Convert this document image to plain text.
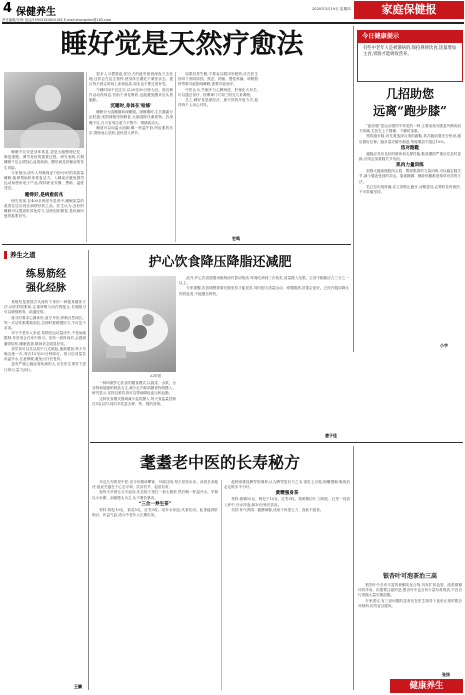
4 保健养生
责任编辑/宏海 电话/15953184810165 E-mail:zhongxian@163.com
2020年3月19日 星期四	家庭保健报
睡好觉是天然疗愈法

睡眠不仅仅是身体休息,更是大脑整理记忆、修复细胞、调节免疫的重要过程。研究表明,长期睡眠不足会增加心血管疾病、糖尿病及抑郁症的发生风险。

专家指出,成年人每晚保证7至8小时的高质量睡眠,能够帮助机体恢复活力。入睡前应避免剧烈运动和使用电子产品,保持卧室安静、黑暗、温度适宜。

睡得好,是病愈前兆

研究发现,在400多例老年患者中,睡眠质量的改善往往出现在病情好转之前。医生认为,良好的睡眠可以提高机体免疫力,加快组织修复,是疾病向愈的重要信号。

很多人习惯熬夜,把白天的疲劳留到深夜才去处理,这样会打乱生物钟,使身体长期处于紧张状态。建议每天固定时间上床和起床,周末也不要过度补觉。

午睡时间不宜过长,以20至30分钟为宜。饭后稍作活动再休息,有助于消化吸收,也能避免醒来后头昏脑胀。

沉睡时,身体在'检修'

睡眠分为浅睡期和深睡期。深睡期时,生长激素分泌旺盛,受损细胞得到修复,大脑清除代谢废物。若深睡不足,白天容易注意力不集中、情绪波动大。

睡前可以用温水泡脚,喝一杯温牛奶,听轻柔的音乐,帮助身心放松,更快进入梦乡。

如果经常失眠,不要盲目服用安眠药,应在医生指导下查明原因。焦虑、抑郁、慢性疼痛、呼吸暂停等都可能影响睡眠,需要对症治疗。

中医认为,失眠多与心脾两虚、肝郁化火有关,可以通过食疗、按摩神门穴和三阴交穴来调理。

总之,睡好觉是最经济、最天然的疗愈方式,值得每个人用心对待。

宏鸣
今日健康提示
有些中老年人是被饿病的,保持规律饮食,适量增加主食,胃肠才能吸收营养。
几招助您
远离“跑步膝”

“跑步膝”是运动损伤中常见的一种,主要表现为膝盖外侧或前方疼痛,尤其在上下楼梯、下蹲时加重。

预防跑步膝,首先要选择合适的跑鞋,其次跑前要充分热身,跑后做好拉伸。跑步量应循序渐进,每周增加不超过10%。

选对跑鞋

跑鞋应具有良好的缓冲和支撑性能,鞋底磨损严重后应及时更换,否则会加重膝关节负担。

肌肉力量训练

加强大腿前侧股四头肌、臀部肌群的力量训练,可以稳定膝关节,减少膝盖受到的冲击。靠墙静蹲、侧卧抬腿都是简单有效的方法。

若已经出现疼痛,应立即停止跑步,冰敷患处,必要时及时就医,不可带痛坚持。

小宇
养生之道
练易筋经
强化经脉

易筋经是我国古代流传下来的一种强身健体方法,动作舒展柔和,注重呼吸与动作的配合,长期练习可以增强筋骨、疏通经络。

练习时要求心静体松,意守丹田,呼吸自然深长。每一式动作都要做到位,拉伸时要缓慢用力,不可急于求成。

对于中老年人来说,易筋经运动量适中,不受场地限制,非常适合在家中练习。坚持一段时间后,会感到腰背轻松,睡眠改善,精神状态明显好转。

初学者可以先从其中几式练起,逐渐增加,每天早晚各练一次,每次15至20分钟即可。练习后适量饮用温开水,注意保暖,避免出汗后受风。

患有严重心脑血管疾病的人,应在医生指导下进行练习,量力而行。

王鹏
护心饮食降压降脂还减肥
AI制图

一种叫做护心饮食的膳食模式,以蔬菜、水果、全谷物和低脂奶制品为主,减少红肉和高糖食物的摄入。研究显示,坚持这种饮食可以帮助降低血压和血脂。

这种饮食模式强调减少盐的摄入,每天食盐量控制在5克以内,同时多吃富含钾、钙、镁的食物。

此外,护心饮食提倡用植物油代替动物油,每周吃两到三次鱼类,适量摄入坚果。主食中粗粮应占三分之一以上。

专家提醒,饮食调整需要长期坚持才能见效,同时配合适量运动、戒烟限酒,效果会更好。已经在服用降压药的患者,不能擅自停药。

唐子佳
耄耋老中医的长寿秘方

年近九旬的老中医,至今仍精神矍铄、耳聪目明,每天坚持出诊。谈到长寿秘诀,他说关键在于心态平和、饮食有节、起居有常。

他每天早晨五点半起床,先在院子里打一套太极拳,然后喝一杯温开水。早餐以小米粥、杂粮馒头为主,从不暴饮暴食。

“三合一养生茶”

材料:枸杞10克、菊花5克、红枣3枚。用开水冲泡,代茶饮用。此茶能养肝明目、补益气血,适合中老年人长期饮用。

他特别重视脾胃的调养,认为脾胃是后天之本,饭吃七分饱,细嚼慢咽,晚饭后必定散步半小时。

黄精强身茶

材料:黄精10克、枸杞子10克、红枣5枚。将黄精切片,与枸杞、红枣一同放入杯中,开水冲泡,焖10分钟后饮用。

功效:补气养阴、健脾润肺,适用于体虚乏力、食欲不振者。

银杏叶可泡茶治三高

银杏叶中含有丰富的黄酮类化合物,具有扩张血管、改善微循环的作用。但需要注意的是,银杏叶中也含有少量有毒物质,不宜自行采摘大量长期泡服。

专家建议,有三高问题的患者应在医生指导下选用正规的银杏叶制剂,切勿盲目跟风。

张扬
健康养生
